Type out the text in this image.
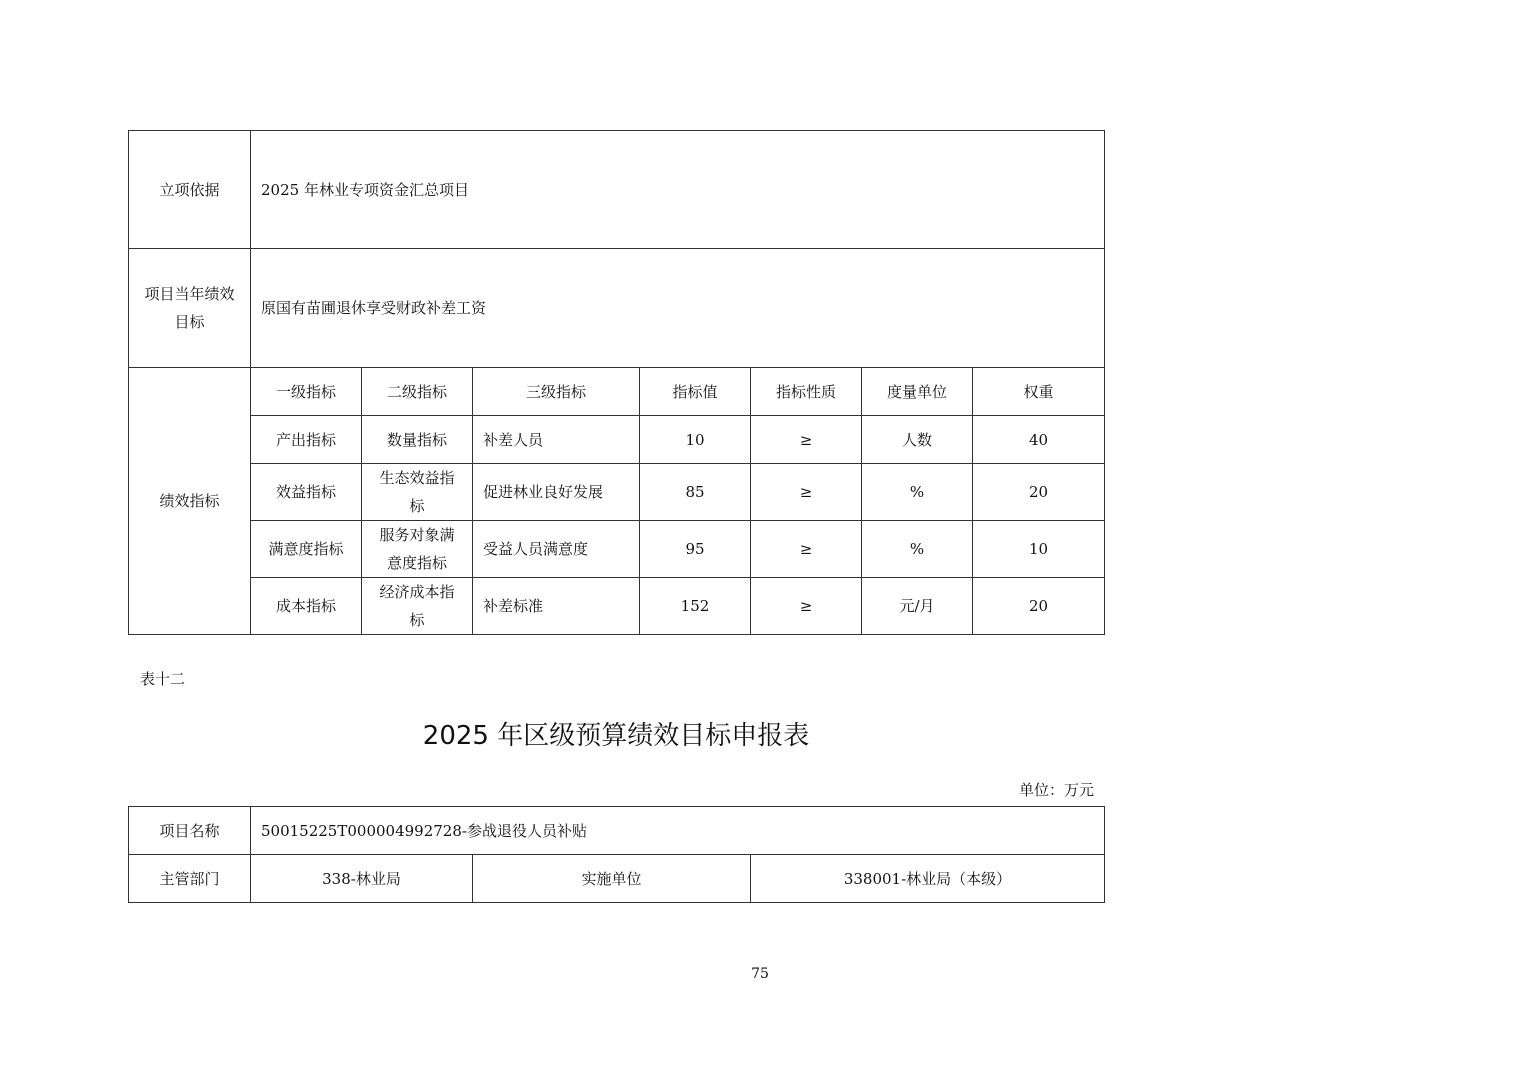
立项依据	2025 年林业专项资金汇总项目						
项目当年绩效
目标	原国有苗圃退休享受财政补差工资						
绩效指标	一级指标	二级指标	三级指标	指标值	指标性质	度量单位	权重
	产出指标	数量指标	补差人员	10	≥	人数	40
	效益指标	生态效益指
标	促进林业良好发展	85	≥	%	20
	满意度指标	服务对象满
意度指标	受益人员满意度	95	≥	%	10
	成本指标	经济成本指
标	补差标准	152	≥	元/月	20
表十二
2025 年区级预算绩效目标申报表
单位：万元
项目名称	50015225T000004992728-参战退役人员补贴		
主管部门	338-林业局	实施单位	338001-林业局（本级）
75
